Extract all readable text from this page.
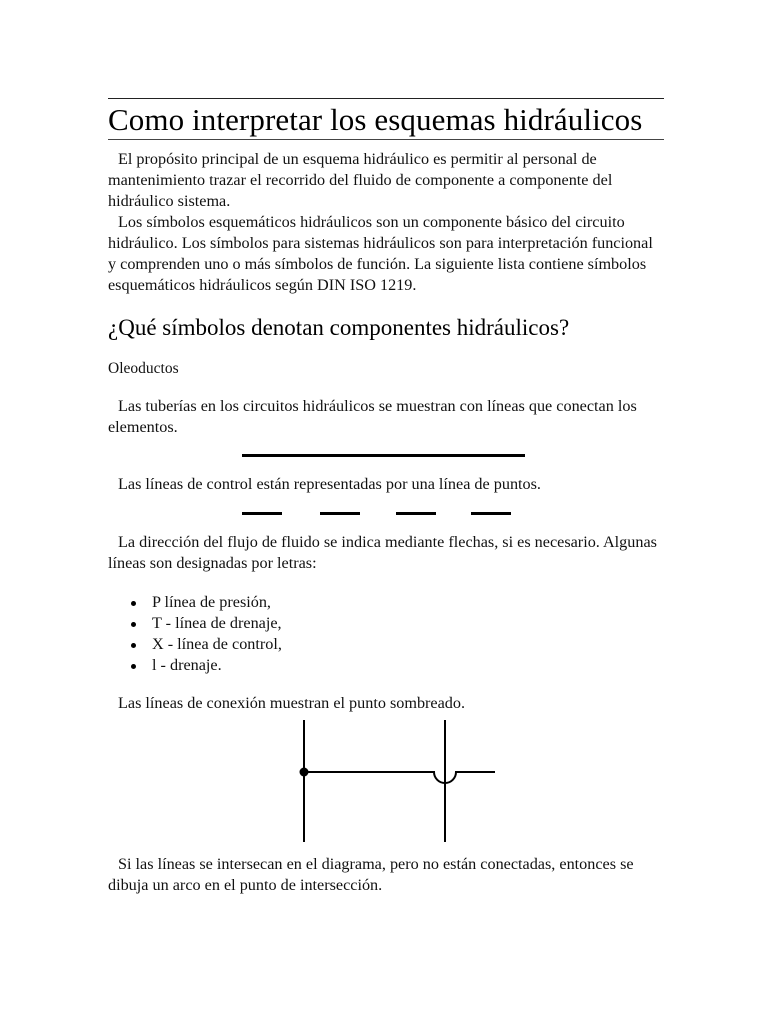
Como interpretar los esquemas hidráulicos

El propósito principal de un esquema hidráulico es permitir al personal de mantenimiento trazar el recorrido del fluido de componente a componente del hidráulico sistema.

Los símbolos esquemáticos hidráulicos son un componente básico del circuito hidráulico. Los símbolos para sistemas hidráulicos son para interpretación funcional y comprenden uno o más símbolos de función. La siguiente lista contiene símbolos esquemáticos hidráulicos según DIN ISO 1219.

¿Qué símbolos denotan componentes hidráulicos?
Oleoductos

Las tuberías en los circuitos hidráulicos se muestran con líneas que conectan los elementos.

Las líneas de control están representadas por una línea de puntos.

La dirección del flujo de fluido se indica mediante flechas, si es necesario. Algunas líneas son designadas por letras:

P línea de presión,
T - línea de drenaje,
X - línea de control,
l - drenaje.

Las líneas de conexión muestran el punto sombreado.

Si las líneas se intersecan en el diagrama, pero no están conectadas, entonces se dibuja un arco en el punto de intersección.
